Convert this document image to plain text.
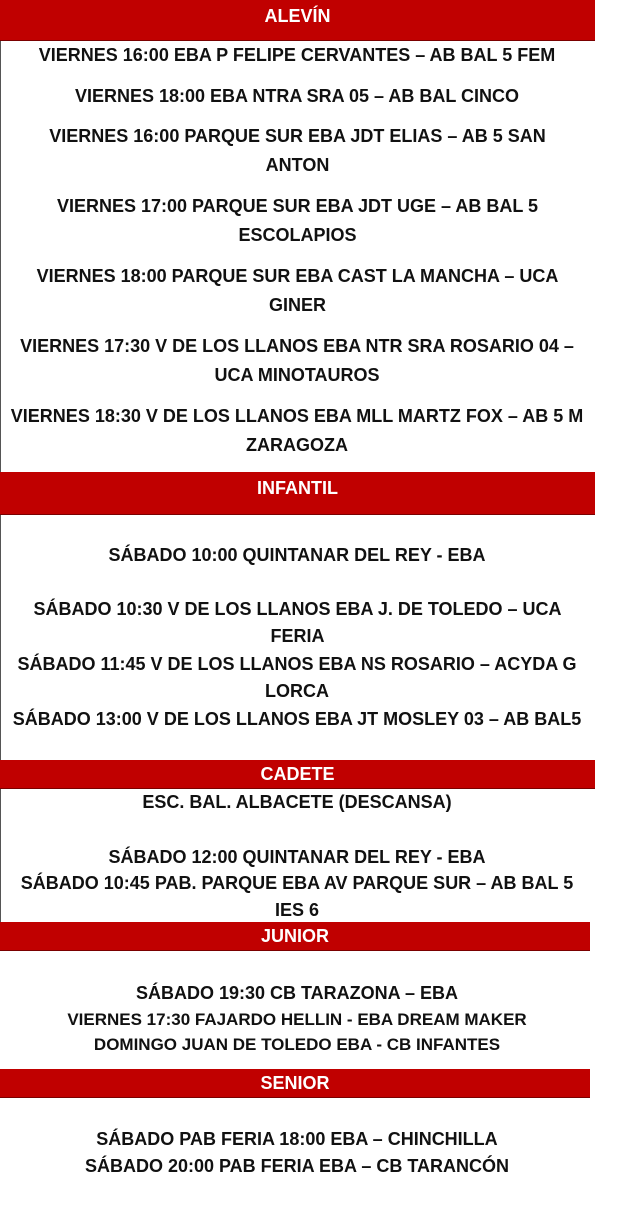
ALEVÍN
VIERNES 16:00 EBA P FELIPE CERVANTES – AB BAL 5 FEM
VIERNES 18:00 EBA NTRA SRA 05 – AB BAL CINCO
VIERNES 16:00 PARQUE SUR EBA JDT ELIAS – AB 5 SAN ANTON
VIERNES 17:00 PARQUE SUR EBA JDT UGE – AB BAL 5 ESCOLAPIOS
VIERNES 18:00 PARQUE SUR EBA CAST LA MANCHA – UCA GINER
VIERNES 17:30 V DE LOS LLANOS EBA NTR SRA ROSARIO 04 – UCA MINOTAUROS
VIERNES 18:30 V DE LOS LLANOS EBA MLL MARTZ FOX – AB 5 M ZARAGOZA
INFANTIL
SÁBADO 10:00 QUINTANAR DEL REY - EBA
SÁBADO 10:30 V DE LOS LLANOS EBA J. DE TOLEDO – UCA FERIA
SÁBADO 11:45 V DE LOS LLANOS EBA NS ROSARIO – ACYDA G LORCA
SÁBADO 13:00 V DE LOS LLANOS EBA JT MOSLEY 03 – AB BAL5
CADETE
ESC. BAL. ALBACETE (DESCANSA)
SÁBADO 12:00 QUINTANAR DEL REY - EBA
SÁBADO 10:45 PAB. PARQUE EBA AV PARQUE SUR – AB BAL 5 IES 6
JUNIOR
SÁBADO 19:30 CB TARAZONA – EBA
VIERNES 17:30 FAJARDO HELLIN - EBA DREAM MAKER
DOMINGO JUAN DE TOLEDO EBA - CB INFANTES
SENIOR
SÁBADO PAB FERIA 18:00 EBA – CHINCHILLA
SÁBADO 20:00 PAB FERIA EBA – CB TARANCÓN
